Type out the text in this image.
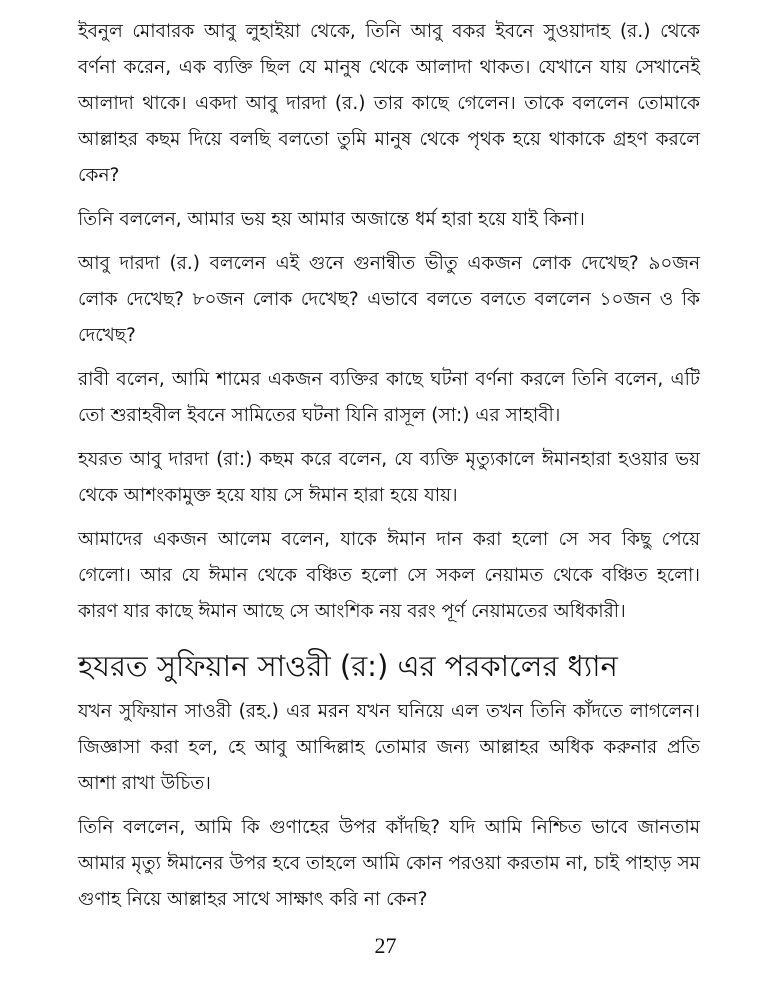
ইবনুল মোবারক আবু লুহাইয়া থেকে, তিনি আবু বকর ইবনে সুওয়াদাহ (র.) থেকে বর্ণনা করেন, এক ব্যক্তি ছিল যে মানুষ থেকে আলাদা থাকত। যেখানে যায় সেখানেই আলাদা থাকে। একদা আবু দারদা (র.) তার কাছে গেলেন। তাকে বললেন তোমাকে আল্লাহর কছম দিয়ে বলছি বলতো তুমি মানুষ থেকে পৃথক হয়ে থাকাকে গ্রহণ করলে কেন?

তিনি বললেন, আমার ভয় হয় আমার অজান্তে ধর্ম হারা হয়ে যাই কিনা।

আবু দারদা (র.) বললেন এই গুনে গুনান্বীত ভীতু একজন লোক দেখেছ? ৯০জন লোক দেখেছ? ৮০জন লোক দেখেছ? এভাবে বলতে বলতে বললেন ১০জন ও কি দেখেছ?

রাবী বলেন, আমি শামের একজন ব্যক্তির কাছে ঘটনা বর্ণনা করলে তিনি বলেন, এটি তো শুরাহবীল ইবনে সামিতের ঘটনা যিনি রাসূল (সা:) এর সাহাবী।

হযরত আবু দারদা (রা:) কছম করে বলেন, যে ব্যক্তি মৃত্যুকালে ঈমানহারা হওয়ার ভয় থেকে আশংকামুক্ত হয়ে যায় সে ঈমান হারা হয়ে যায়।

আমাদের একজন আলেম বলেন, যাকে ঈমান দান করা হলো সে সব কিছু পেয়ে গেলো। আর যে ঈমান থেকে বঞ্চিত হলো সে সকল নেয়ামত থেকে বঞ্চিত হলো। কারণ যার কাছে ঈমান আছে সে আংশিক নয় বরং পূর্ণ নেয়ামতের অধিকারী।

হযরত সুফিয়ান সাওরী (র:) এর পরকালের ধ্যান

যখন সুফিয়ান সাওরী (রহ.) এর মরন যখন ঘনিয়ে এল তখন তিনি কাঁদতে লাগলেন। জিজ্ঞাসা করা হল, হে আবু আব্দিল্লাহ তোমার জন্য আল্লাহর অধিক করুনার প্রতি আশা রাখা উচিত।

তিনি বললেন, আমি কি গুণাহের উপর কাঁদছি? যদি আমি নিশ্চিত ভাবে জানতাম আমার মৃত্যু ঈমানের উপর হবে তাহলে আমি কোন পরওয়া করতাম না, চাই পাহাড় সম গুণাহ নিয়ে আল্লাহর সাথে সাক্ষাৎ করি না কেন?

27
